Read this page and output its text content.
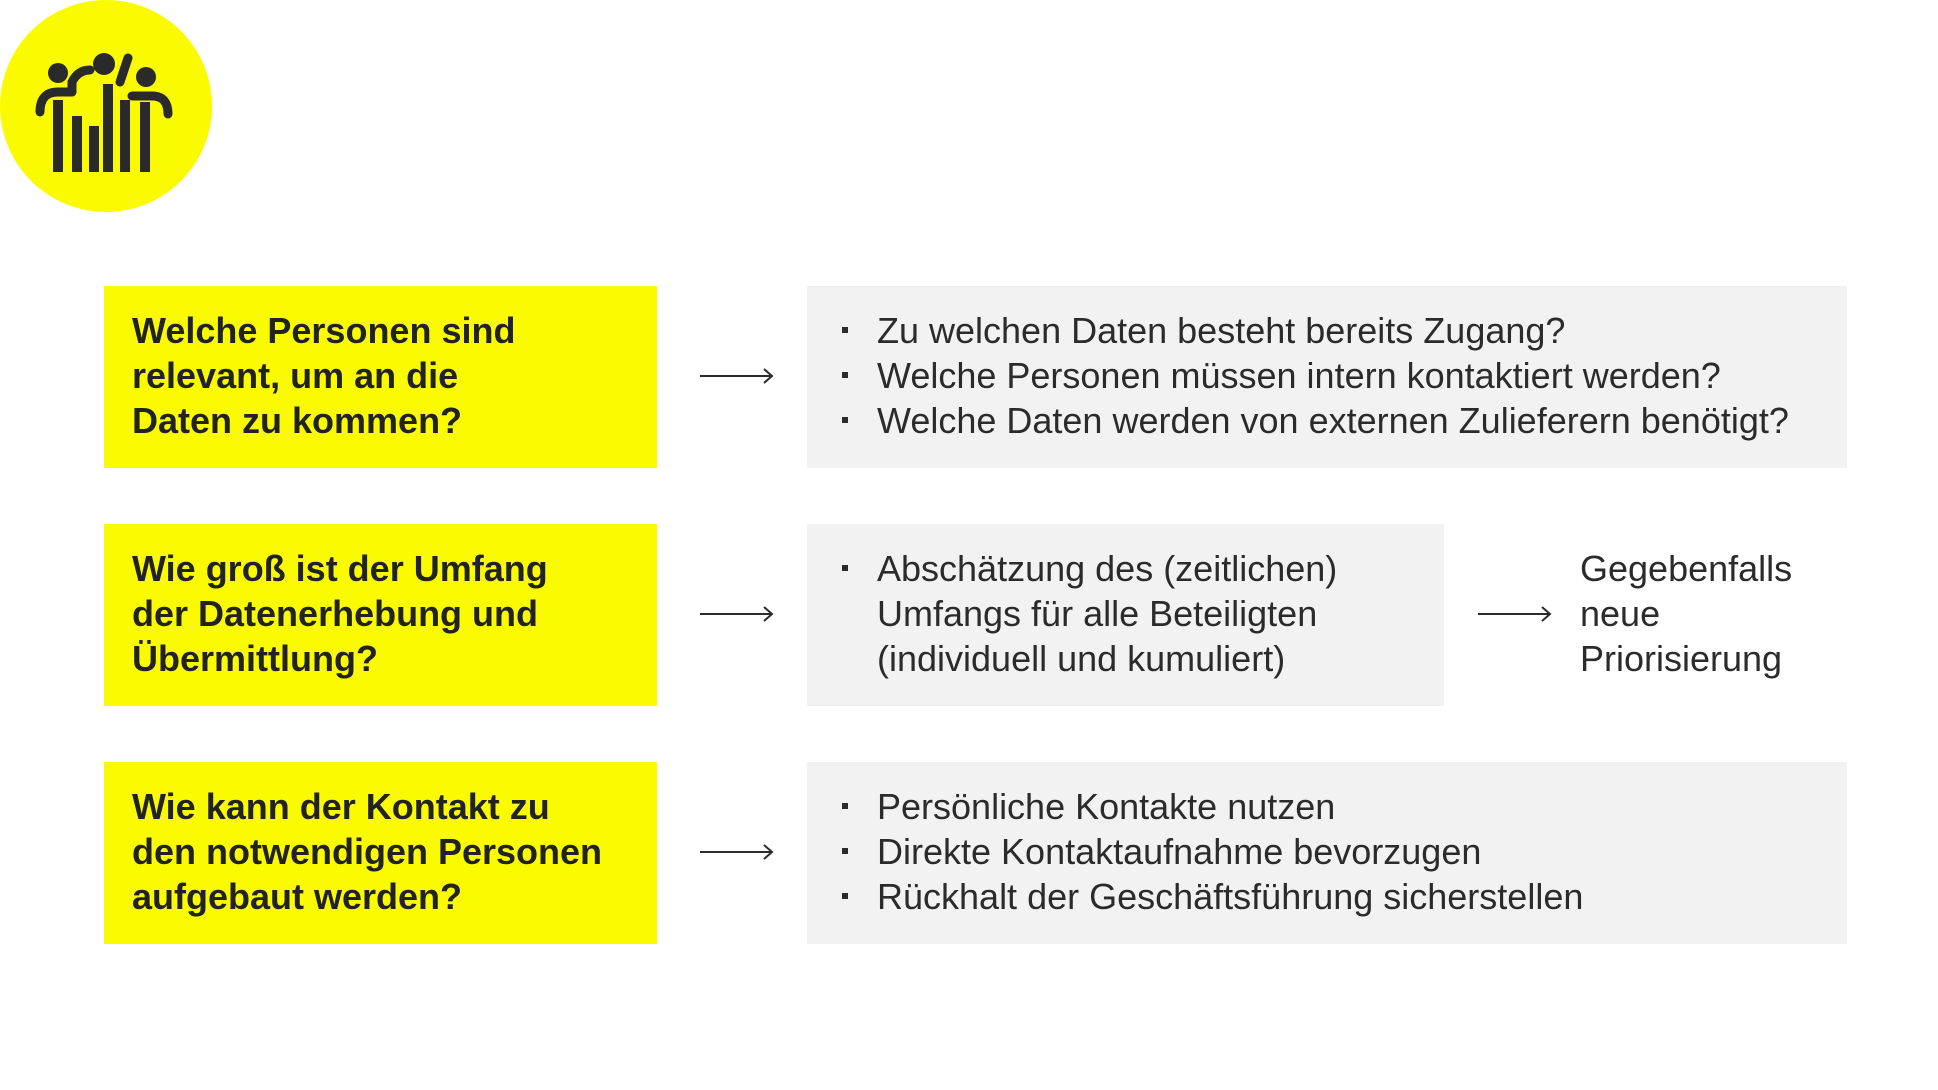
Welche Personen sind
relevant, um an die
Daten zu kommen?
Zu welchen Daten besteht bereits Zugang?
Welche Personen müssen intern kontaktiert werden?
Welche Daten werden von externen Zulieferern benötigt?
Wie groß ist der Umfang
der Datenerhebung und
Übermittlung?
Abschätzung des (zeitlichen)
Umfangs für alle Beteiligten
(individuell und kumuliert)
Gegebenfalls
neue
Priorisierung
Wie kann der Kontakt zu
den notwendigen Personen
aufgebaut werden?
Persönliche Kontakte nutzen
Direkte Kontaktaufnahme bevorzugen
Rückhalt der Geschäftsführung sicherstellen
